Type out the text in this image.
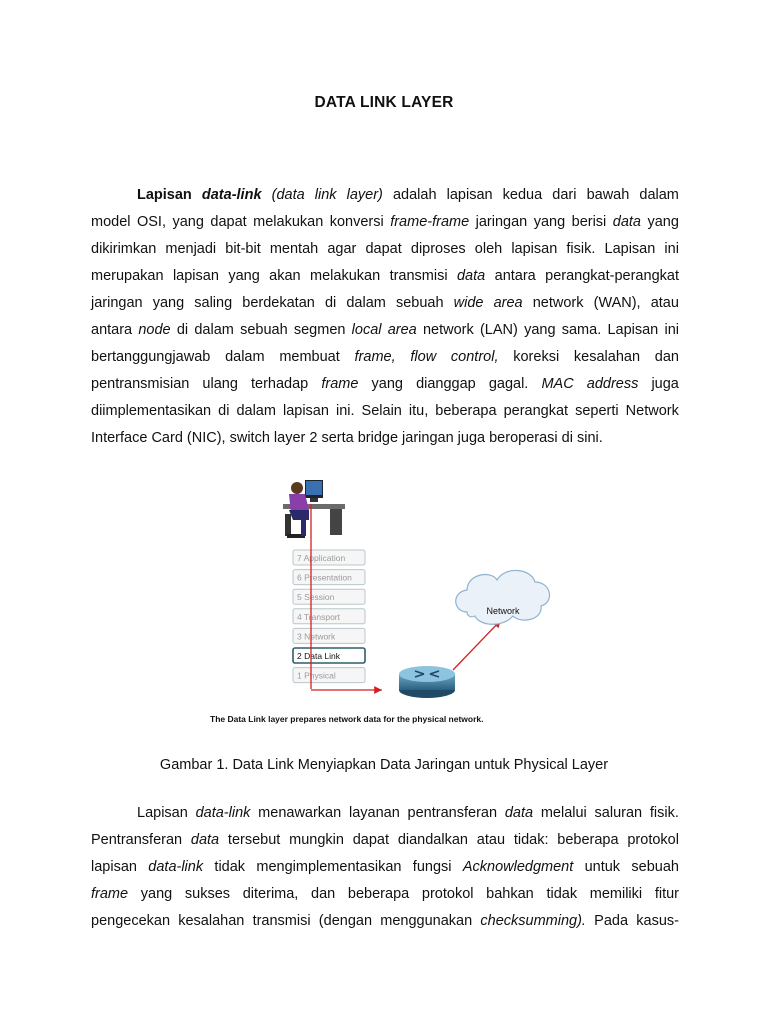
DATA LINK LAYER
Lapisan data-link (data link layer) adalah lapisan kedua dari bawah dalam
model OSI, yang dapat melakukan konversi frame-frame jaringan yang berisi data yang
dikirimkan menjadi bit-bit mentah agar dapat diproses oleh lapisan fisik. Lapisan ini
merupakan lapisan yang akan melakukan transmisi data antara perangkat-perangkat
jaringan yang saling berdekatan di dalam sebuah wide area network (WAN), atau
antara node di dalam sebuah segmen local area network (LAN) yang sama. Lapisan ini
bertanggungjawab dalam membuat frame, flow control, koreksi kesalahan dan
pentransmisian ulang terhadap frame yang dianggap gagal. MAC address juga
diimplementasikan di dalam lapisan ini. Selain itu, beberapa perangkat seperti Network
Interface Card (NIC), switch layer 2 serta bridge jaringan juga beroperasi di sini.
7 Application
6 Presentation
5 Session
4 Transport
3 Network
2 Data Link
1 Physical
Network
The Data Link layer prepares network data for the physical network.
Gambar 1. Data Link Menyiapkan Data Jaringan untuk Physical Layer
Lapisan data-link menawarkan layanan pentransferan data melalui saluran fisik.
Pentransferan data tersebut mungkin dapat diandalkan atau tidak: beberapa protokol
lapisan data-link tidak mengimplementasikan fungsi Acknowledgment untuk sebuah
frame yang sukses diterima, dan beberapa protokol bahkan tidak memiliki fitur
pengecekan kesalahan transmisi (dengan menggunakan checksumming). Pada kasus-
